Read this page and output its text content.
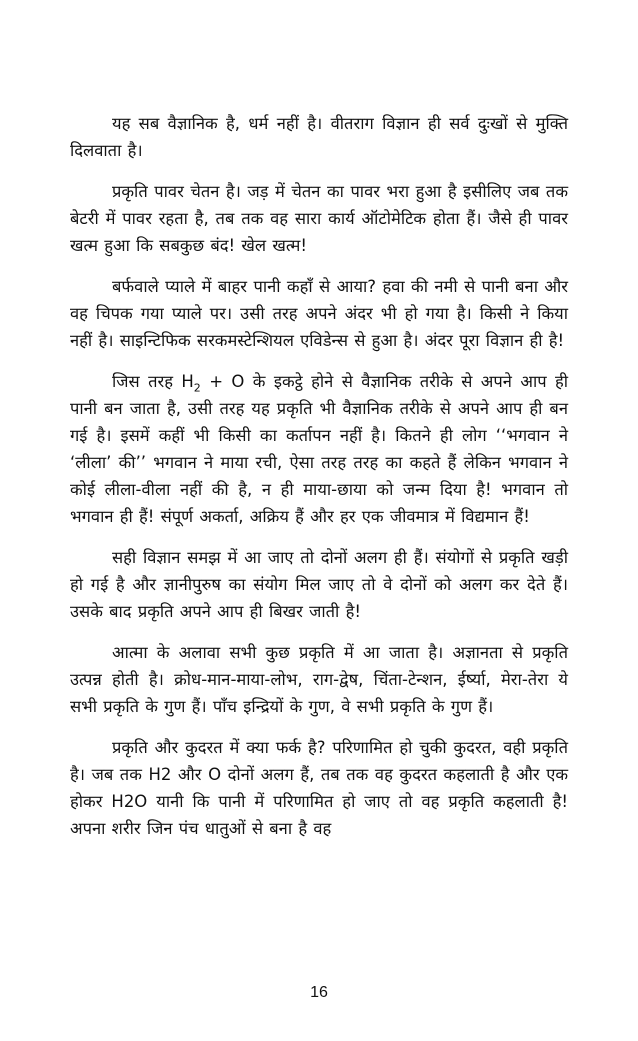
यह सब वैज्ञानिक है, धर्म नहीं है। वीतराग विज्ञान ही सर्व दुःखों से मुक्ति दिलवाता है।

प्रकृति पावर चेतन है। जड़ में चेतन का पावर भरा हुआ है इसीलिए जब तक बेटरी में पावर रहता है, तब तक वह सारा कार्य ऑटोमेटिक होता हैं। जैसे ही पावर खत्म हुआ कि सबकुछ बंद! खेल खत्म!

बर्फवाले प्याले में बाहर पानी कहाँ से आया? हवा की नमी से पानी बना और वह चिपक गया प्याले पर। उसी तरह अपने अंदर भी हो गया है। किसी ने किया नहीं है। साइन्टिफिक सरकमस्टेन्शियल एविडेन्स से हुआ है। अंदर पूरा विज्ञान ही है!

जिस तरह $H_2 + O$ के इकट्ठे होने से वैज्ञानिक तरीके से अपने आप ही पानी बन जाता है, उसी तरह यह प्रकृति भी वैज्ञानिक तरीके से अपने आप ही बन गई है। इसमें कहीं भी किसी का कर्तापन नहीं है। कितने ही लोग ‘‘भगवान ने ‘लीला’ की’’ भगवान ने माया रची, ऐसा तरह तरह का कहते हैं लेकिन भगवान ने कोई लीला-वीला नहीं की है, न ही माया-छाया को जन्म दिया है! भगवान तो भगवान ही हैं! संपूर्ण अकर्ता, अक्रिय हैं और हर एक जीवमात्र में विद्यमान हैं!

सही विज्ञान समझ में आ जाए तो दोनों अलग ही हैं। संयोगों से प्रकृति खड़ी हो गई है और ज्ञानीपुरुष का संयोग मिल जाए तो वे दोनों को अलग कर देते हैं। उसके बाद प्रकृति अपने आप ही बिखर जाती है!

आत्मा के अलावा सभी कुछ प्रकृति में आ जाता है। अज्ञानता से प्रकृति उत्पन्न होती है। क्रोध-मान-माया-लोभ, राग-द्वेष, चिंता-टेन्शन, ईर्ष्या, मेरा-तेरा ये सभी प्रकृति के गुण हैं। पाँच इन्द्रियों के गुण, वे सभी प्रकृति के गुण हैं।

प्रकृति और कुदरत में क्या फर्क है? परिणामित हो चुकी कुदरत, वही प्रकृति है। जब तक H2 और O दोनों अलग हैं, तब तक वह कुदरत कहलाती है और एक होकर H2O यानी कि पानी में परिणामित हो जाए तो वह प्रकृति कहलाती है! अपना शरीर जिन पंच धातुओं से बना है वह

16
